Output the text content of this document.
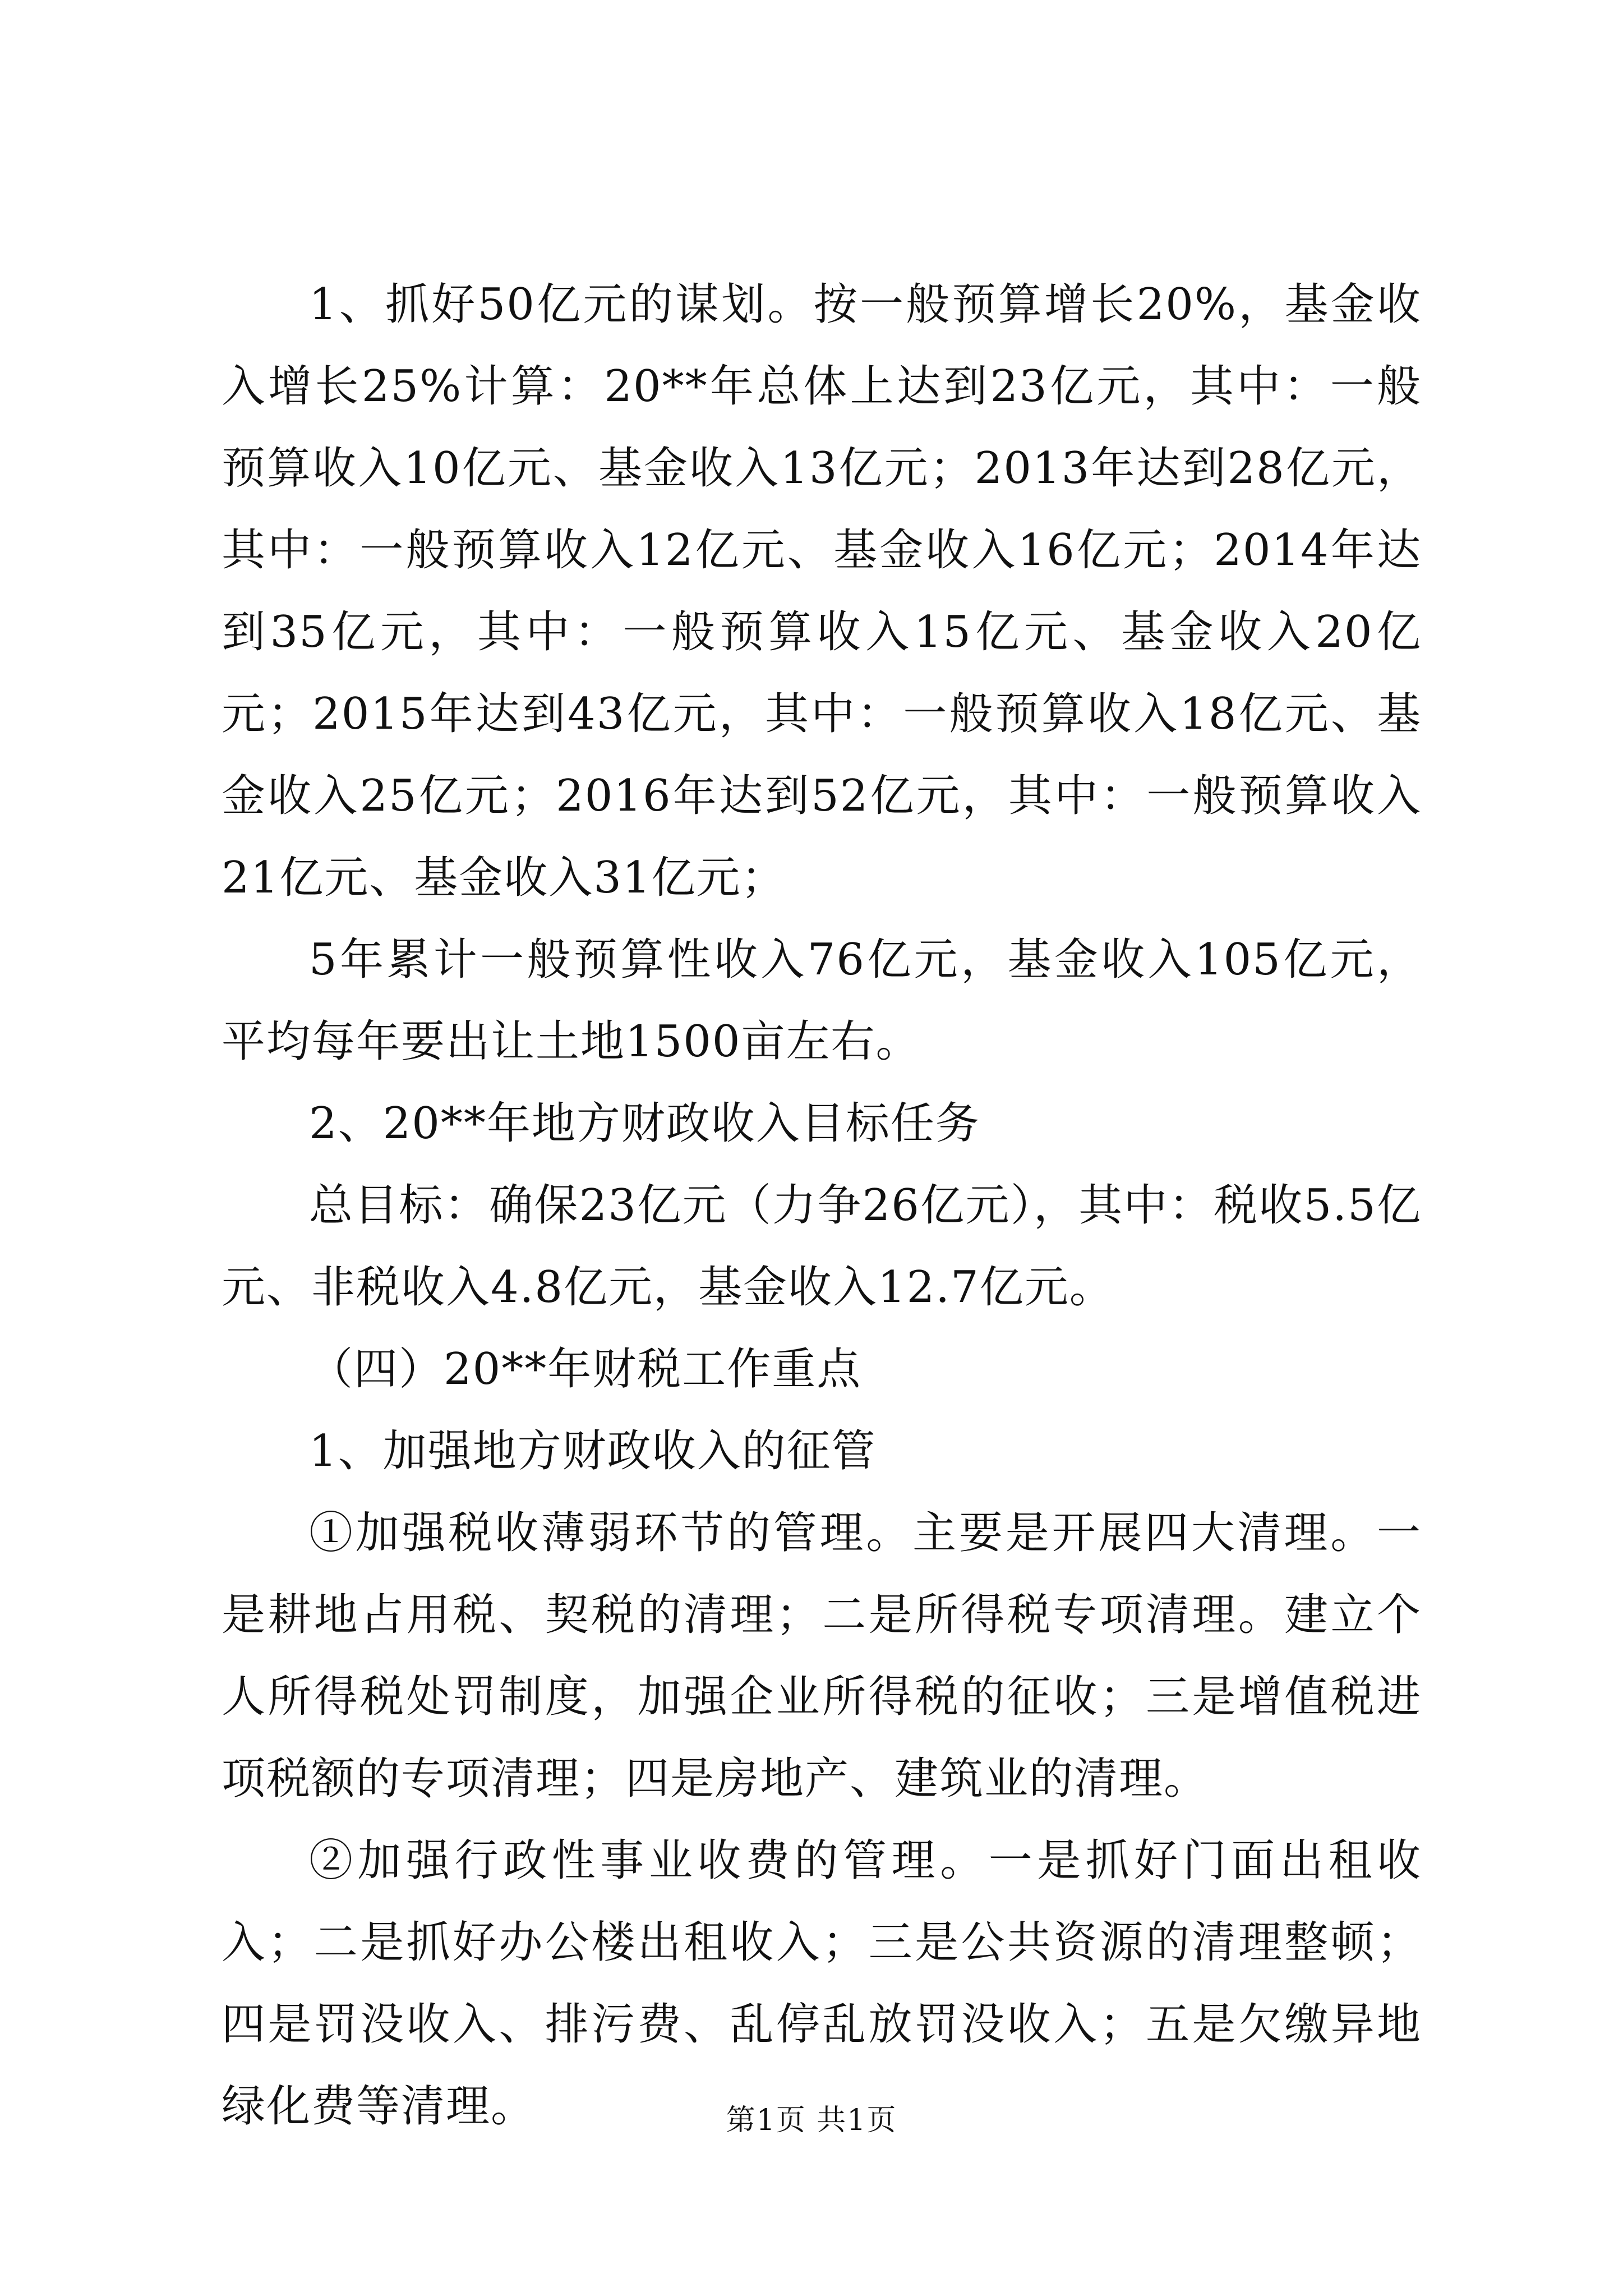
1、抓好50亿元的谋划。按一般预算增长20%，基金收入增长25%计算：20**年总体上达到23亿元，其中：一般预算收入10亿元、基金收入13亿元；2013年达到28亿元，其中：一般预算收入12亿元、基金收入16亿元；2014年达到35亿元，其中：一般预算收入15亿元、基金收入20亿元；2015年达到43亿元，其中：一般预算收入18亿元、基金收入25亿元；2016年达到52亿元，其中：一般预算收入21亿元、基金收入31亿元；

5年累计一般预算性收入76亿元，基金收入105亿元，平均每年要出让土地1500亩左右。

2、20**年地方财政收入目标任务

总目标：确保23亿元（力争26亿元），其中：税收5.5亿元、非税收入4.8亿元，基金收入12.7亿元。

（四）20**年财税工作重点

1、加强地方财政收入的征管

①加强税收薄弱环节的管理。主要是开展四大清理。一是耕地占用税、契税的清理；二是所得税专项清理。建立个人所得税处罚制度，加强企业所得税的征收；三是增值税进项税额的专项清理；四是房地产、建筑业的清理。

②加强行政性事业收费的管理。一是抓好门面出租收入；二是抓好办公楼出租收入；三是公共资源的清理整顿；四是罚没收入、排污费、乱停乱放罚没收入；五是欠缴异地绿化费等清理。	第1页 共1页
